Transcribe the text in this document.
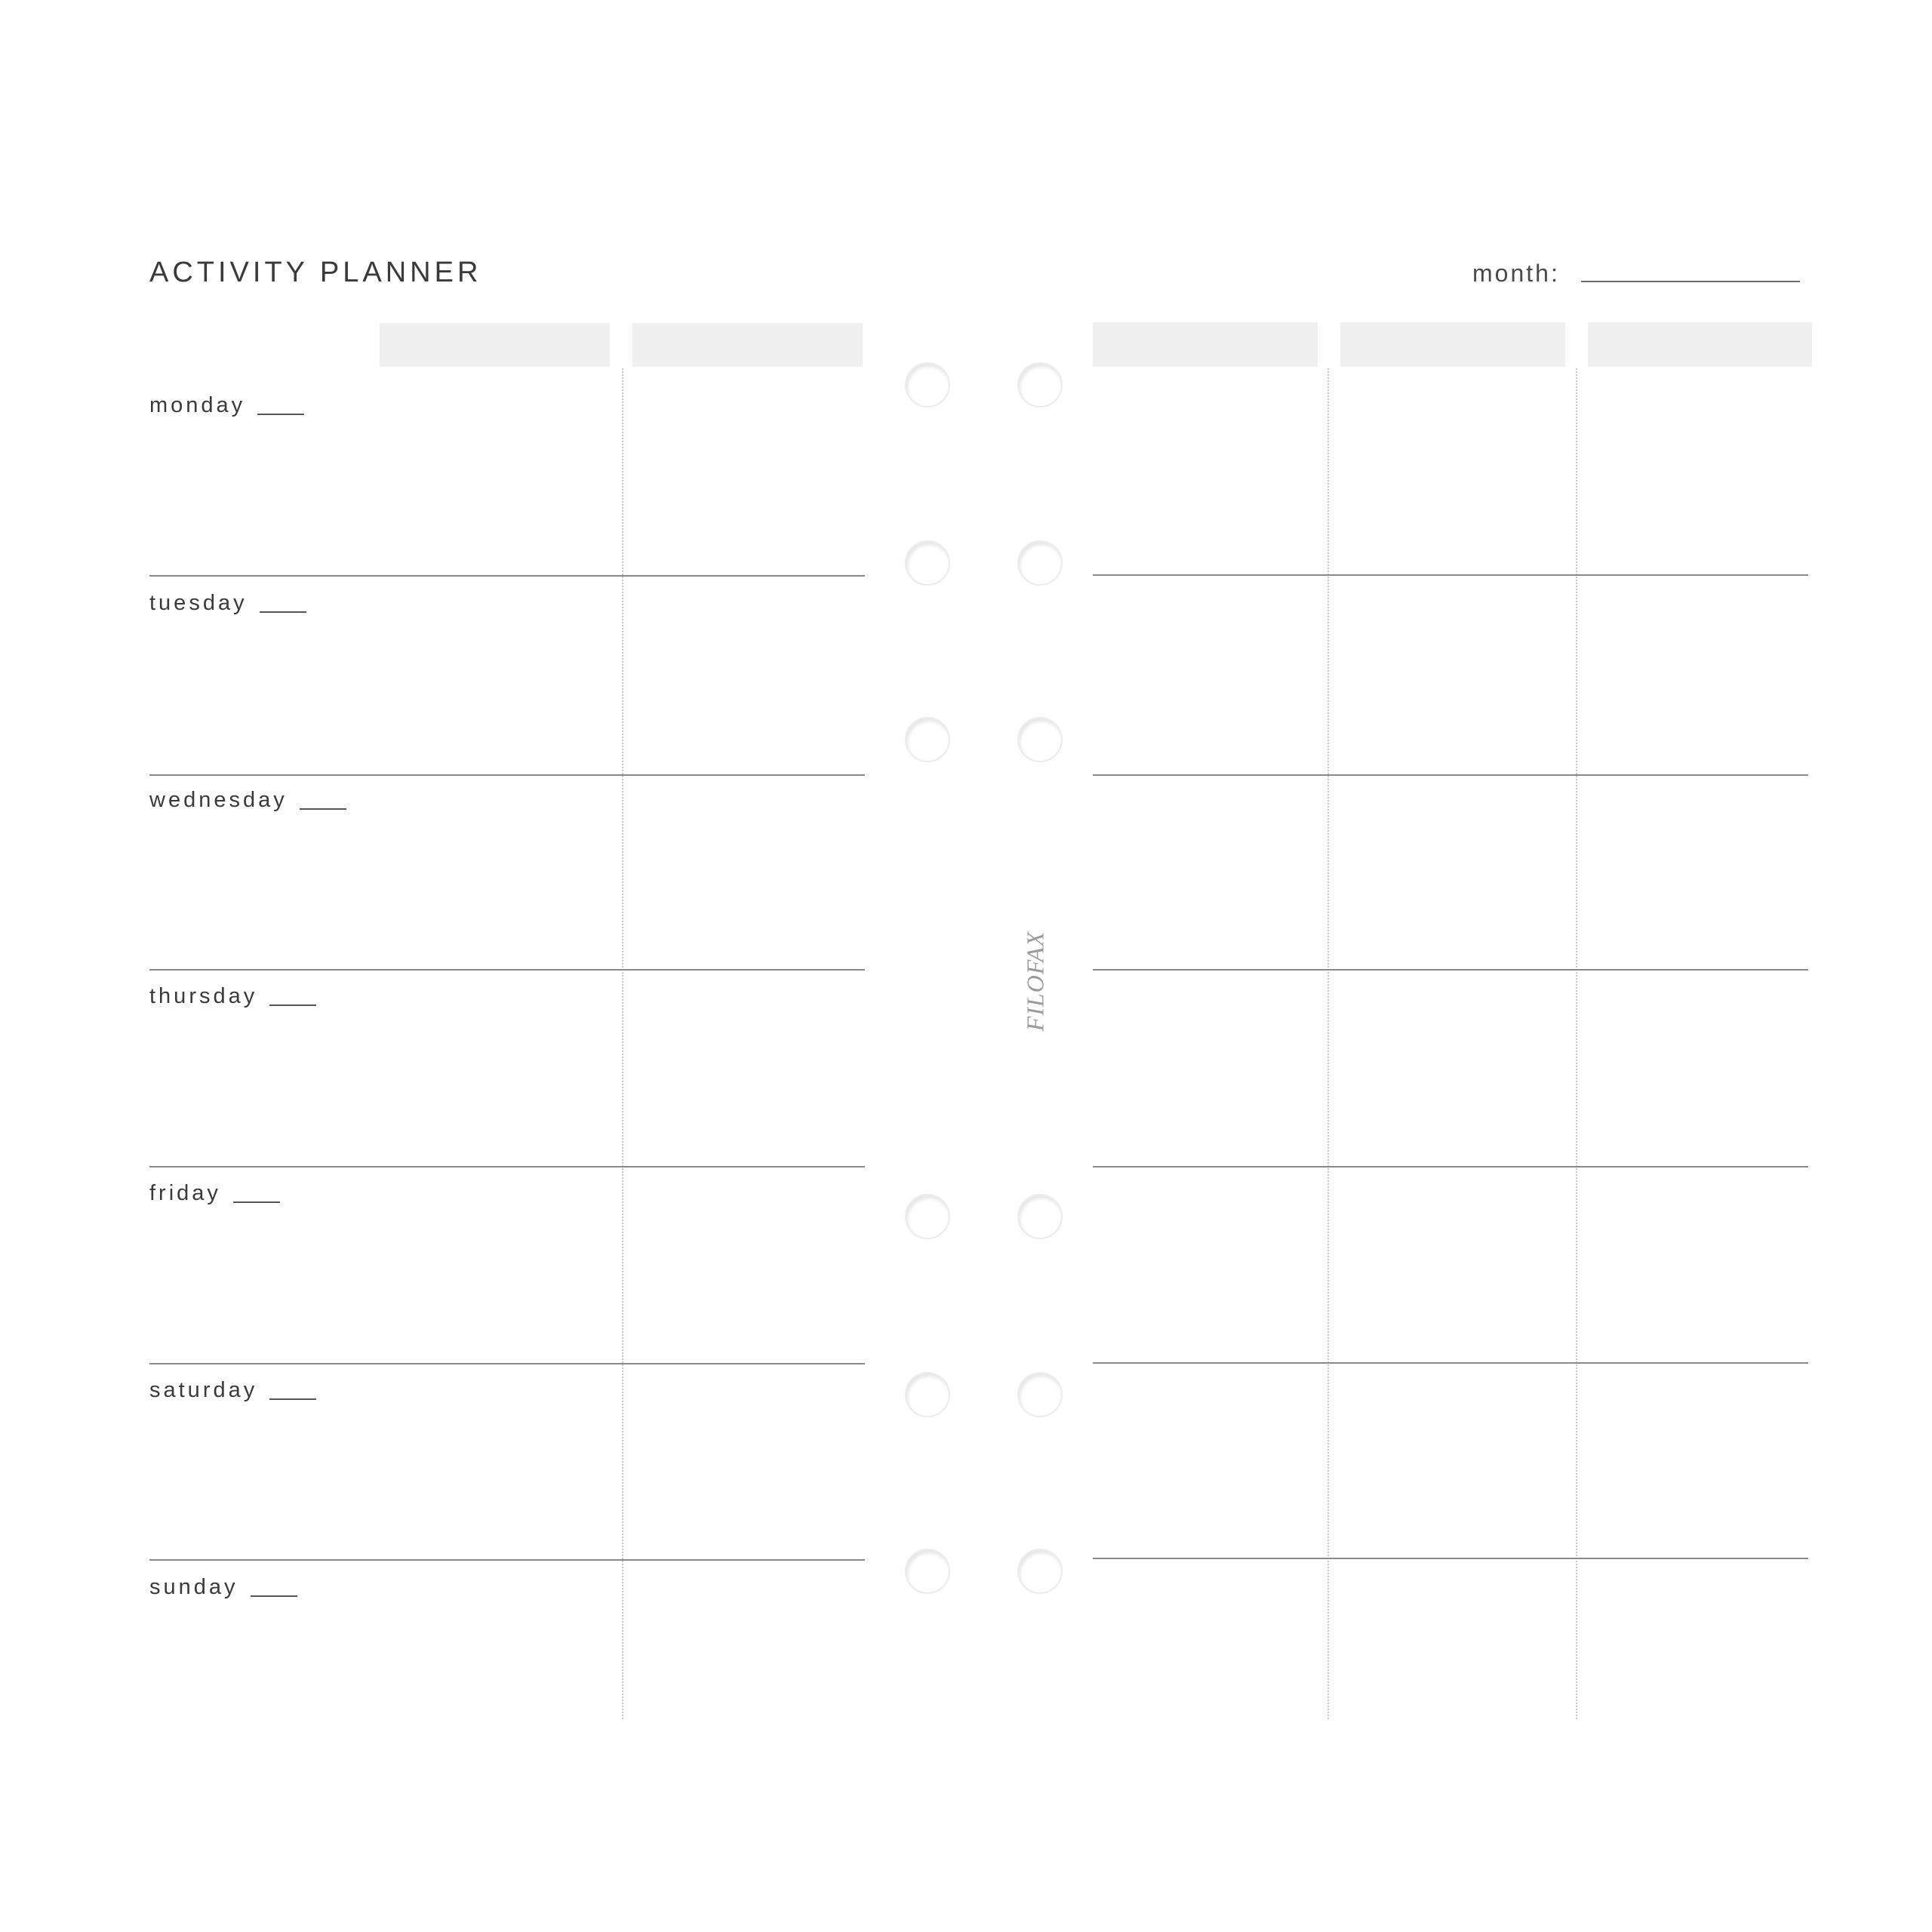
ACTIVITY PLANNER	month:
monday
tuesday
wednesday
thursday
friday
saturday
sunday
FILOFAX
